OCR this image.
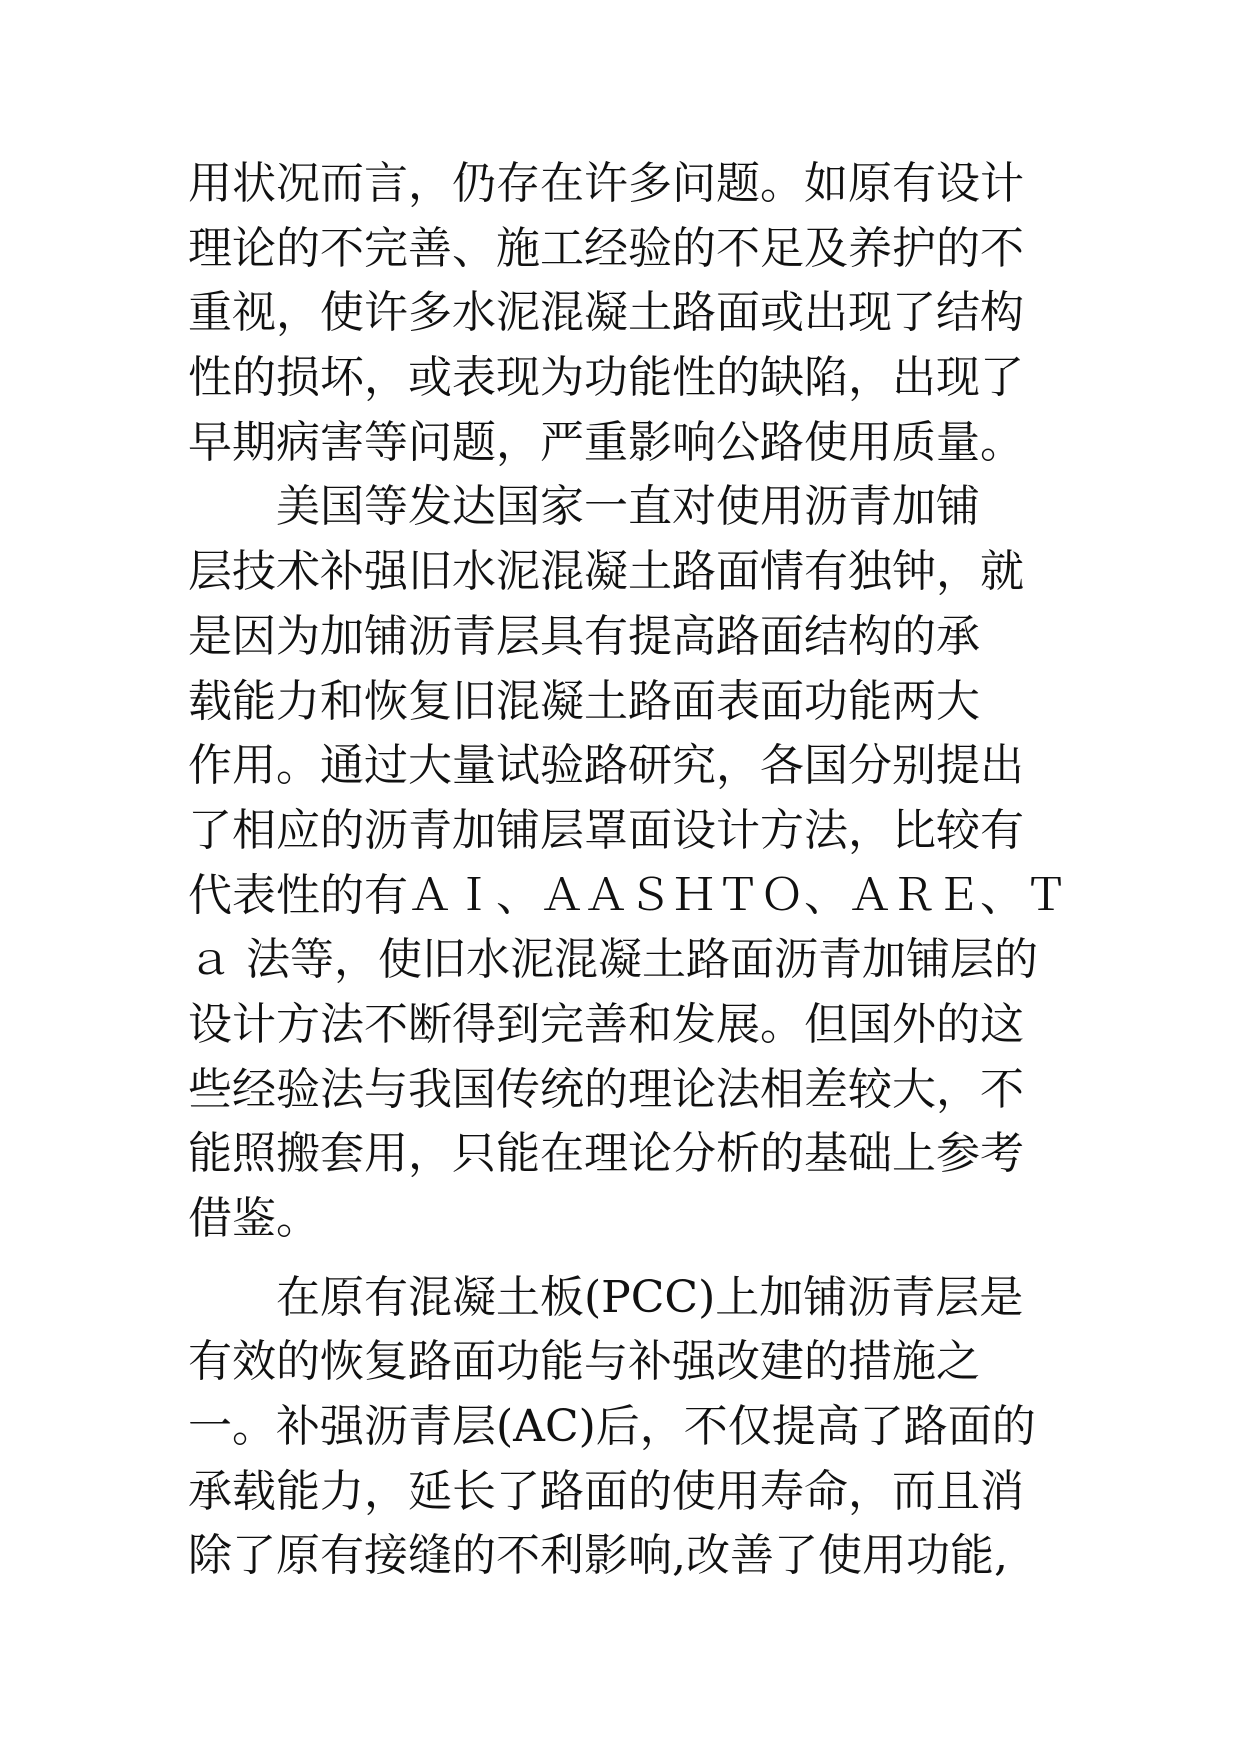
用状况而言，仍存在许多问题。如原有设计
理论的不完善、施工经验的不足及养护的不
重视，使许多水泥混凝土路面或出现了结构
性的损坏，或表现为功能性的缺陷，出现了
早期病害等问题，严重影响公路使用质量。
美国等发达国家一直对使用沥青加铺
层技术补强旧水泥混凝土路面情有独钟，就
是因为加铺沥青层具有提高路面结构的承
载能力和恢复旧混凝土路面表面功能两大
作用。通过大量试验路研究，各国分别提出
了相应的沥青加铺层罩面设计方法，比较有
代表性的有ＡＩ、ＡＡＳＨＴＯ、ＡＲＥ、Ｔ
ａ 法等，使旧水泥混凝土路面沥青加铺层的
设计方法不断得到完善和发展。但国外的这
些经验法与我国传统的理论法相差较大，不
能照搬套用，只能在理论分析的基础上参考
借鉴。
在原有混凝土板(PCC)上加铺沥青层是
有效的恢复路面功能与补强改建的措施之
一。补强沥青层(AC)后，不仅提高了路面的
承载能力，延长了路面的使用寿命，而且消
除了原有接缝的不利影响,改善了使用功能,
